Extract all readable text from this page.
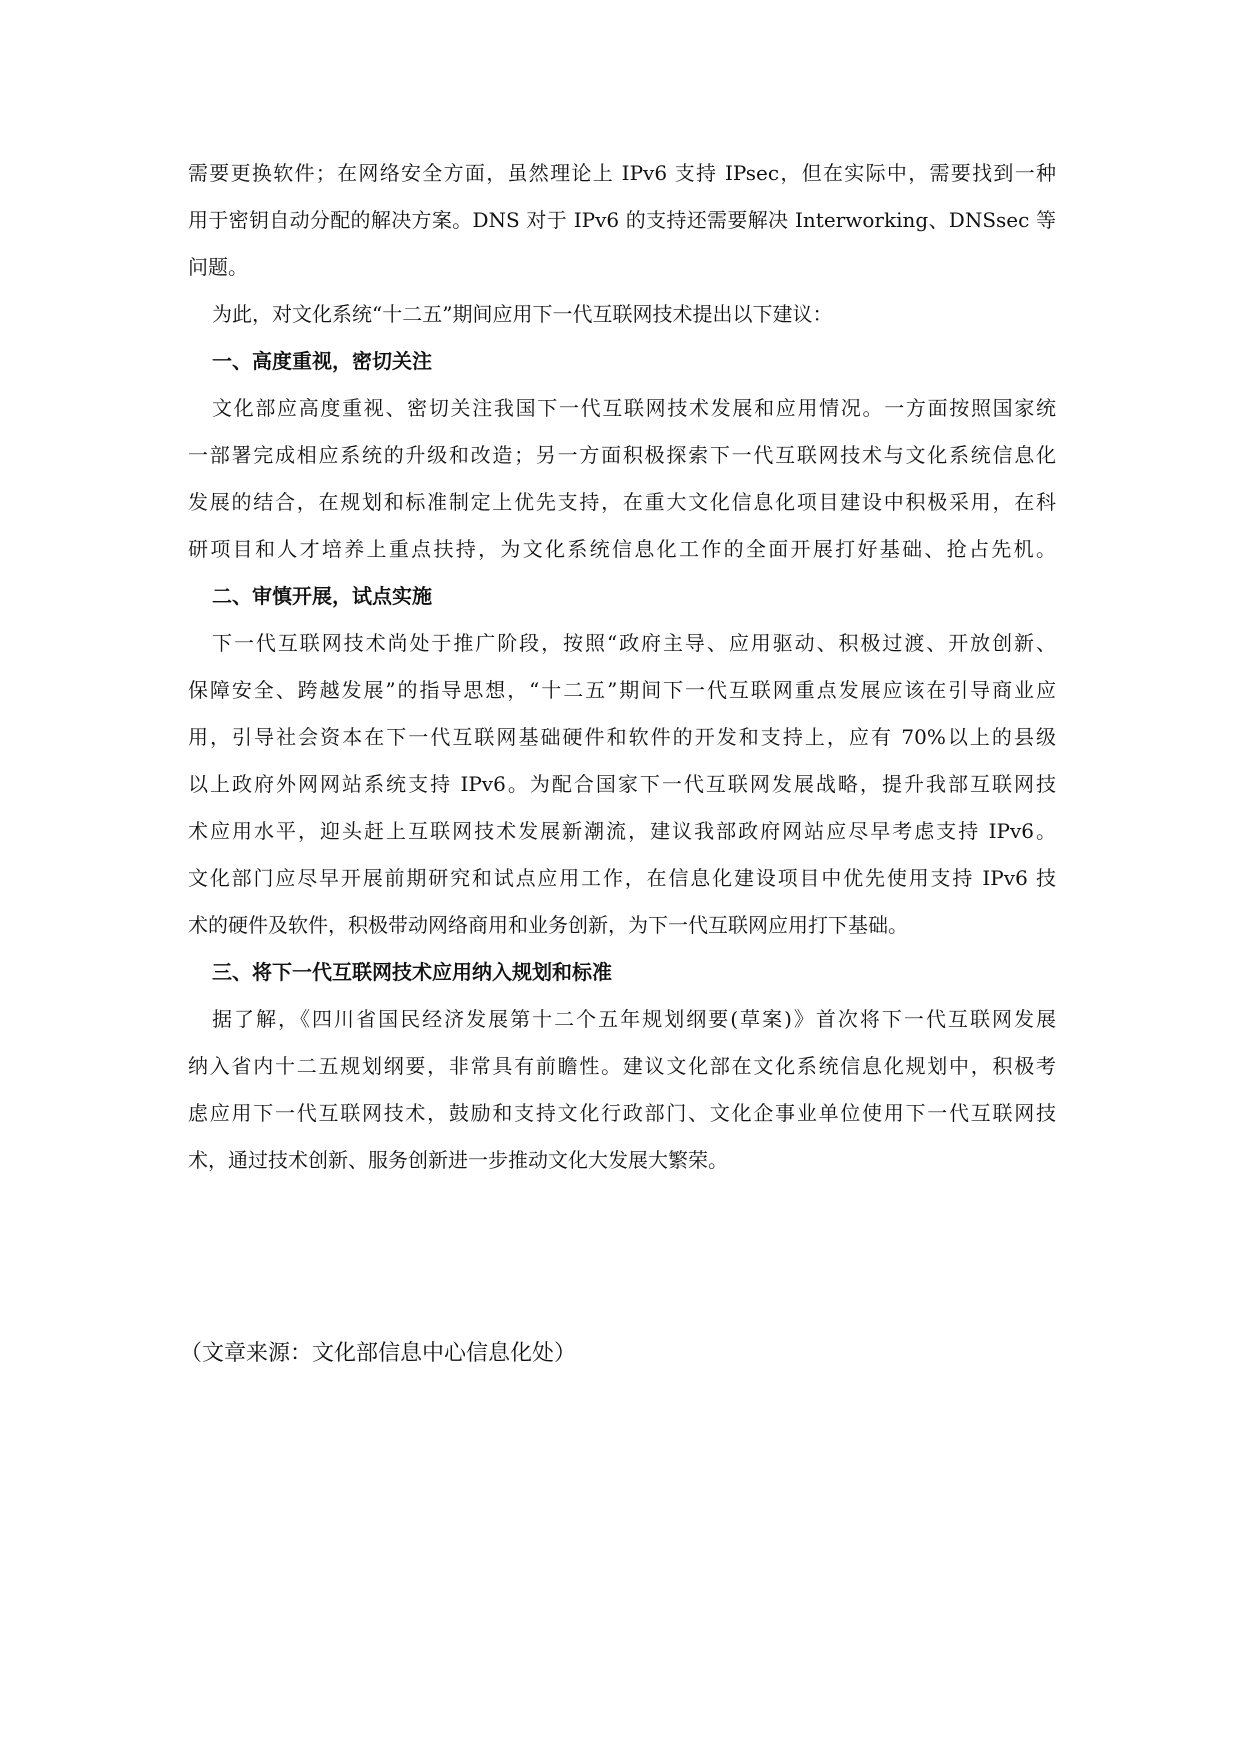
需要更换软件；在网络安全方面，虽然理论上 IPv6 支持 IPsec，但在实际中，需要找到一种
用于密钥自动分配的解决方案。DNS 对于 IPv6 的支持还需要解决 Interworking、DNSsec 等
问题。
为此，对文化系统“十二五”期间应用下一代互联网技术提出以下建议：
一、高度重视，密切关注
文化部应高度重视、密切关注我国下一代互联网技术发展和应用情况。一方面按照国家统
一部署完成相应系统的升级和改造；另一方面积极探索下一代互联网技术与文化系统信息化
发展的结合，在规划和标准制定上优先支持，在重大文化信息化项目建设中积极采用，在科
研项目和人才培养上重点扶持，为文化系统信息化工作的全面开展打好基础、抢占先机。
二、审慎开展，试点实施
下一代互联网技术尚处于推广阶段，按照“政府主导、应用驱动、积极过渡、开放创新、
保障安全、跨越发展”的指导思想，“十二五”期间下一代互联网重点发展应该在引导商业应
用，引导社会资本在下一代互联网基础硬件和软件的开发和支持上，应有 70%以上的县级
以上政府外网网站系统支持 IPv6。为配合国家下一代互联网发展战略，提升我部互联网技
术应用水平，迎头赶上互联网技术发展新潮流，建议我部政府网站应尽早考虑支持 IPv6。
文化部门应尽早开展前期研究和试点应用工作，在信息化建设项目中优先使用支持 IPv6 技
术的硬件及软件，积极带动网络商用和业务创新，为下一代互联网应用打下基础。
三、将下一代互联网技术应用纳入规划和标准
据了解，《四川省国民经济发展第十二个五年规划纲要(草案)》首次将下一代互联网发展
纳入省内十二五规划纲要，非常具有前瞻性。建议文化部在文化系统信息化规划中，积极考
虑应用下一代互联网技术，鼓励和支持文化行政部门、文化企事业单位使用下一代互联网技
术，通过技术创新、服务创新进一步推动文化大发展大繁荣。
（文章来源：文化部信息中心信息化处）
